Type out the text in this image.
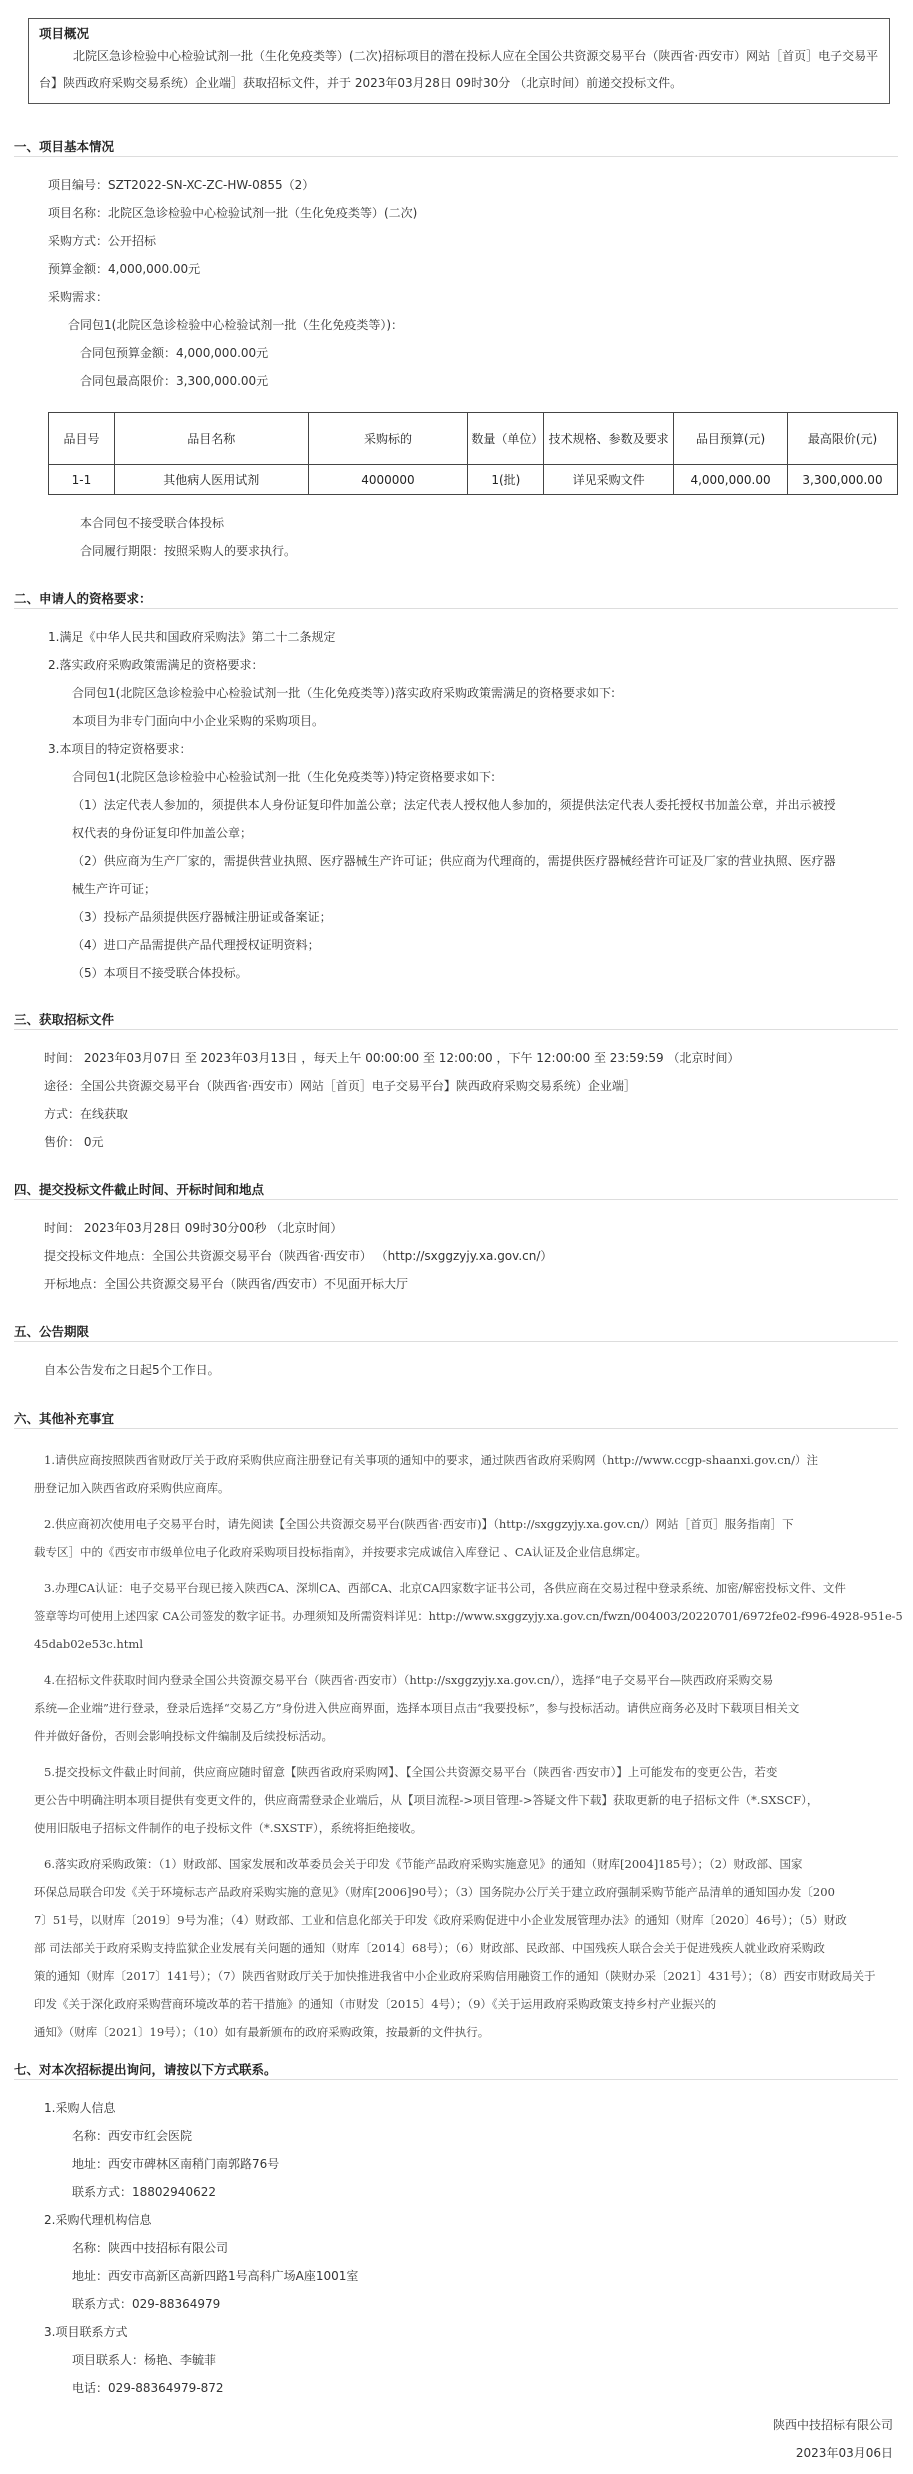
项目概况
北院区急诊检验中心检验试剂一批（生化免疫类等）(二次)招标项目的潜在投标人应在全国公共资源交易平台（陕西省·西安市）网站［首页］电子交易平台】陕西政府采购交易系统）企业端］获取招标文件，并于 2023年03月28日 09时30分 （北京时间）前递交投标文件。
一、项目基本情况
项目编号：SZT2022-SN-XC-ZC-HW-0855（2）
项目名称：北院区急诊检验中心检验试剂一批（生化免疫类等）(二次)
采购方式：公开招标
预算金额：4,000,000.00元
采购需求：
合同包1(北院区急诊检验中心检验试剂一批（生化免疫类等）)：
合同包预算金额：4,000,000.00元
合同包最高限价：3,300,000.00元
品目号	品目名称	采购标的	数量（单位）	技术规格、参数及要求	品目预算(元)	最高限价(元)
1-1	其他病人医用试剂	4000000	1(批)	详见采购文件	4,000,000.00	3,300,000.00
本合同包不接受联合体投标
合同履行期限：按照采购人的要求执行。
二、申请人的资格要求：
1.满足《中华人民共和国政府采购法》第二十二条规定
2.落实政府采购政策需满足的资格要求：
合同包1(北院区急诊检验中心检验试剂一批（生化免疫类等）)落实政府采购政策需满足的资格要求如下:
本项目为非专门面向中小企业采购的采购项目。
3.本项目的特定资格要求：
合同包1(北院区急诊检验中心检验试剂一批（生化免疫类等）)特定资格要求如下:
（1）法定代表人参加的，须提供本人身份证复印件加盖公章；法定代表人授权他人参加的，须提供法定代表人委托授权书加盖公章，并出示被授
权代表的身份证复印件加盖公章；
（2）供应商为生产厂家的，需提供营业执照、医疗器械生产许可证；供应商为代理商的，需提供医疗器械经营许可证及厂家的营业执照、医疗器
械生产许可证；
（3）投标产品须提供医疗器械注册证或备案证；
（4）进口产品需提供产品代理授权证明资料；
（5）本项目不接受联合体投标。
三、获取招标文件
时间： 2023年03月07日 至 2023年03月13日 ，每天上午 00:00:00 至 12:00:00 ，下午 12:00:00 至 23:59:59 （北京时间）
途径：全国公共资源交易平台（陕西省·西安市）网站［首页］电子交易平台】陕西政府采购交易系统）企业端］
方式：在线获取
售价： 0元
四、提交投标文件截止时间、开标时间和地点
时间： 2023年03月28日 09时30分00秒 （北京时间）
提交投标文件地点：全国公共资源交易平台（陕西省·西安市） （http://sxggzyjy.xa.gov.cn/）
开标地点：全国公共资源交易平台（陕西省/西安市）不见面开标大厅
五、公告期限
自本公告发布之日起5个工作日。
六、其他补充事宜
1.请供应商按照陕西省财政厅关于政府采购供应商注册登记有关事项的通知中的要求，通过陕西省政府采购网（http://www.ccgp-shaanxi.gov.cn/）注
册登记加入陕西省政府采购供应商库。
2.供应商初次使用电子交易平台时，请先阅读【全国公共资源交易平台(陕西省·西安市)】（http://sxggzyjy.xa.gov.cn/）网站［首页］服务指南］下
载专区］中的《西安市市级单位电子化政府采购项目投标指南》，并按要求完成诚信入库登记 、CA认证及企业信息绑定。
3.办理CA认证：电子交易平台现已接入陕西CA、深圳CA、西部CA、北京CA四家数字证书公司，各供应商在交易过程中登录系统、加密/解密投标文件、文件
签章等均可使用上述四家 CA公司签发的数字证书。办理须知及所需资料详见：http://www.sxggzyjy.xa.gov.cn/fwzn/004003/20220701/6972fe02-f996-4928-951e-5
45dab02e53c.html
4.在招标文件获取时间内登录全国公共资源交易平台（陕西省·西安市）（http://sxggzyjy.xa.gov.cn/），选择“电子交易平台—陕西政府采购交易
系统—企业端”进行登录，登录后选择“交易乙方”身份进入供应商界面，选择本项目点击“我要投标”，参与投标活动。请供应商务必及时下载项目相关文
件并做好备份，否则会影响投标文件编制及后续投标活动。
5.提交投标文件截止时间前，供应商应随时留意【陕西省政府采购网】、【全国公共资源交易平台（陕西省·西安市）】上可能发布的变更公告，若变
更公告中明确注明本项目提供有变更文件的，供应商需登录企业端后，从【项目流程->项目管理->答疑文件下载】获取更新的电子招标文件（*.SXSCF），
使用旧版电子招标文件制作的电子投标文件（*.SXSTF），系统将拒绝接收。
6.落实政府采购政策：（1）财政部、国家发展和改革委员会关于印发《节能产品政府采购实施意见》的通知（财库[2004]185号）；（2）财政部、国家
环保总局联合印发《关于环境标志产品政府采购实施的意见》（财库[2006]90号）；（3）国务院办公厅关于建立政府强制采购节能产品清单的通知国办发〔200
7〕51号，以财库〔2019〕9号为准；（4）财政部、工业和信息化部关于印发《政府采购促进中小企业发展管理办法》的通知（财库〔2020〕46号）；（5）财政
部 司法部关于政府采购支持监狱企业发展有关问题的通知（财库〔2014〕68号）；（6）财政部、民政部、中国残疾人联合会关于促进残疾人就业政府采购政
策的通知（财库〔2017〕141号）；（7）陕西省财政厅关于加快推进我省中小企业政府采购信用融资工作的通知（陕财办采〔2021〕431号）；（8）西安市财政局关于
印发《关于深化政府采购营商环境改革的若干措施》的通知（市财发〔2015〕4号）；（9）《关于运用政府采购政策支持乡村产业振兴的
通知》（财库〔2021〕19号）；（10）如有最新颁布的政府采购政策，按最新的文件执行。
七、对本次招标提出询问，请按以下方式联系。
1.采购人信息
名称：西安市红会医院
地址：西安市碑林区南稍门南郭路76号
联系方式：18802940622
2.采购代理机构信息
名称：陕西中技招标有限公司
地址：西安市高新区高新四路1号高科广场A座1001室
联系方式：029-88364979
3.项目联系方式
项目联系人：杨艳、李毓菲
电话：029-88364979-872
陕西中技招标有限公司
2023年03月06日
